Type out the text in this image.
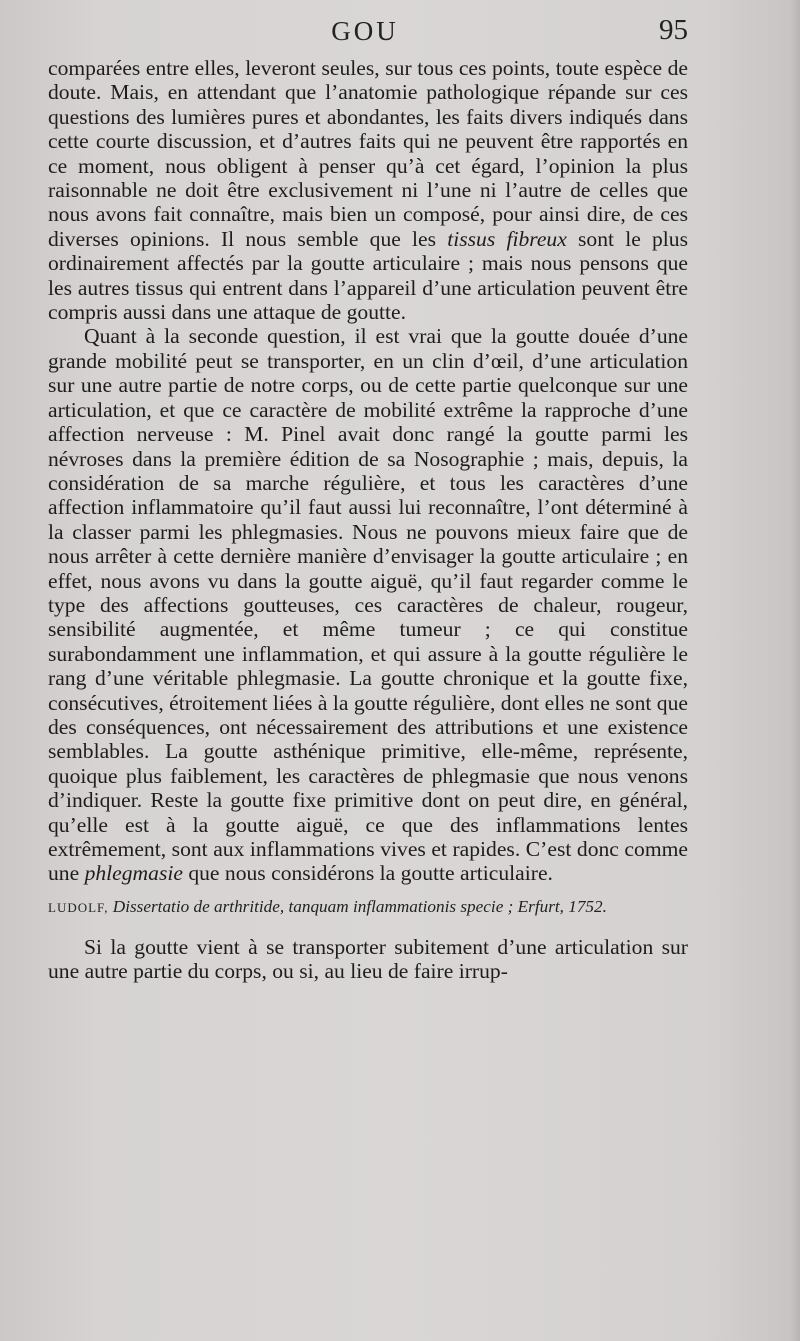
GOU	95

comparées entre elles, leveront seules, sur tous ces points, toute espèce de doute. Mais, en attendant que l’anatomie pathologique répande sur ces questions des lumières pures et abondantes, les faits divers indiqués dans cette courte discussion, et d’autres faits qui ne peuvent être rapportés en ce moment, nous obligent à penser qu’à cet égard, l’opinion la plus raisonnable ne doit être exclusivement ni l’une ni l’autre de celles que nous avons fait connaître, mais bien un composé, pour ainsi dire, de ces diverses opinions. Il nous semble que les tissus fibreux sont le plus ordinairement affectés par la goutte articulaire ; mais nous pensons que les autres tissus qui entrent dans l’appareil d’une articulation peuvent être compris aussi dans une attaque de goutte.

Quant à la seconde question, il est vrai que la goutte douée d’une grande mobilité peut se transporter, en un clin d’œil, d’une articulation sur une autre partie de notre corps, ou de cette partie quelconque sur une articulation, et que ce caractère de mobilité extrême la rapproche d’une affection nerveuse : M. Pinel avait donc rangé la goutte parmi les névroses dans la première édition de sa Nosographie ; mais, depuis, la considération de sa marche régulière, et tous les caractères d’une affection inflammatoire qu’il faut aussi lui reconnaître, l’ont déterminé à la classer parmi les phlegmasies. Nous ne pouvons mieux faire que de nous arrêter à cette dernière manière d’envisager la goutte articulaire ; en effet, nous avons vu dans la goutte aiguë, qu’il faut regarder comme le type des affections goutteuses, ces caractères de chaleur, rougeur, sensibilité augmentée, et même tumeur ; ce qui constitue surabondamment une inflammation, et qui assure à la goutte régulière le rang d’une véritable phlegmasie. La goutte chronique et la goutte fixe, consécutives, étroitement liées à la goutte régulière, dont elles ne sont que des conséquences, ont nécessairement des attributions et une existence semblables. La goutte asthénique primitive, elle-même, représente, quoique plus faiblement, les caractères de phlegmasie que nous venons d’indiquer. Reste la goutte fixe primitive dont on peut dire, en général, qu’elle est à la goutte aiguë, ce que des inflammations lentes extrêmement, sont aux inflammations vives et rapides. C’est donc comme une phlegmasie que nous considérons la goutte articulaire.

LUDOLF, Dissertatio de arthritide, tanquam inflammationis specie ; Erfurt, 1752.

Si la goutte vient à se transporter subitement d’une articulation sur une autre partie du corps, ou si, au lieu de faire irrup-
